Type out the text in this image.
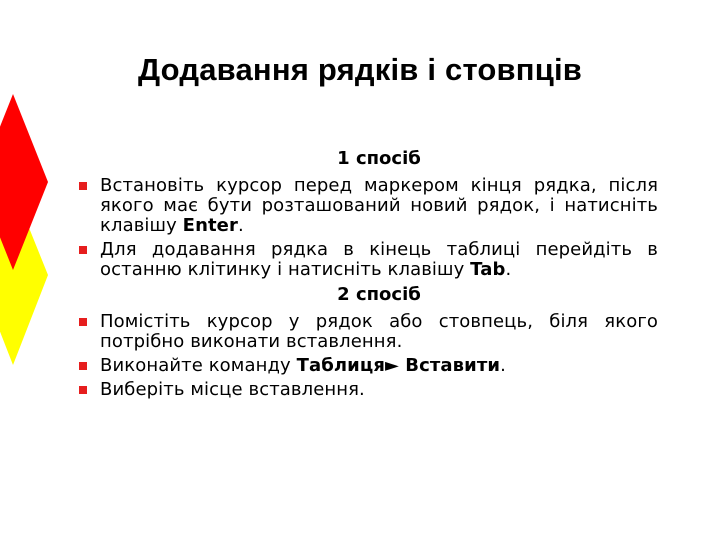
Додавання рядків і стовпців
1 спосіб
Встановіть курсор перед маркером кінця рядка, після якого має бути розташований новий рядок, і натисніть клавішу Enter.
Для додавання рядка в кінець таблиці перейдіть в останню клітинку і натисніть клавішу Tab.
2 спосіб
Помістіть курсор у рядок або стовпець, біля якого потрібно виконати вставлення.
Виконайте команду Таблиця► Вставити.
Виберіть місце вставлення.
